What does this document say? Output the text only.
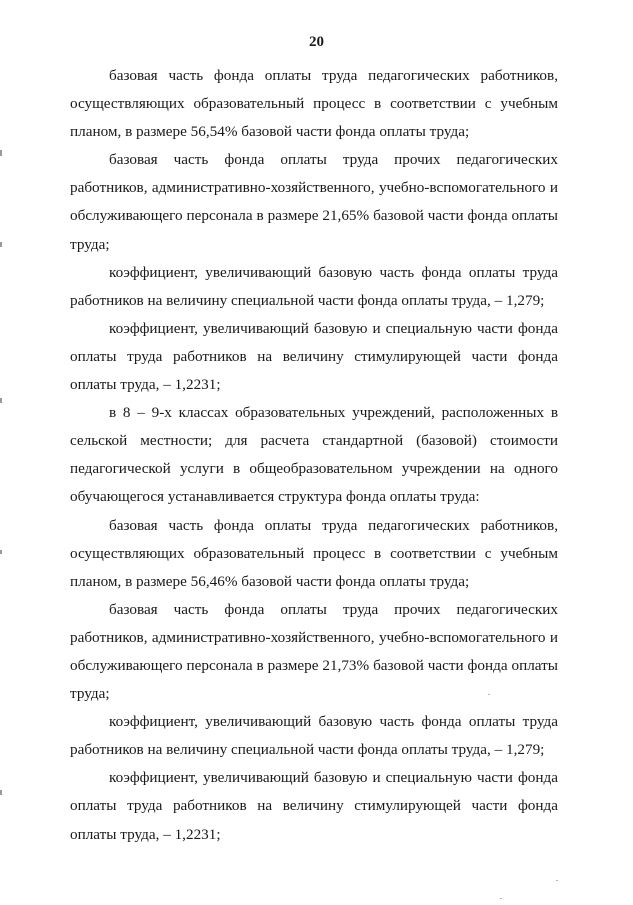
20

базовая часть фонда оплаты труда педагогических работников, осуществляющих образовательный процесс в соответствии с учебным планом, в размере 56,54% базовой части фонда оплаты труда;

базовая часть фонда оплаты труда прочих педагогических работников, административно-хозяйственного, учебно-вспомогательного и обслуживающего персонала в размере 21,65% базовой части фонда оплаты труда;

коэффициент, увеличивающий базовую часть фонда оплаты труда работников на величину специальной части фонда оплаты труда, – 1,279;

коэффициент, увеличивающий базовую и специальную части фонда оплаты труда работников на величину стимулирующей части фонда оплаты труда, – 1,2231;

в 8 – 9-х классах образовательных учреждений, расположенных в сельской местности; для расчета стандартной (базовой) стоимости педагогической услуги в общеобразовательном учреждении на одного обучающегося устанавливается структура фонда оплаты труда:

базовая часть фонда оплаты труда педагогических работников, осуществляющих образовательный процесс в соответствии с учебным планом, в размере 56,46% базовой части фонда оплаты труда;

базовая часть фонда оплаты труда прочих педагогических работников, административно-хозяйственного, учебно-вспомогательного и обслуживающего персонала в размере 21,73% базовой части фонда оплаты труда;

коэффициент, увеличивающий базовую часть фонда оплаты труда работников на величину специальной части фонда оплаты труда, – 1,279;

коэффициент, увеличивающий базовую и специальную части фонда оплаты труда работников на величину стимулирующей части фонда оплаты труда, – 1,2231;
